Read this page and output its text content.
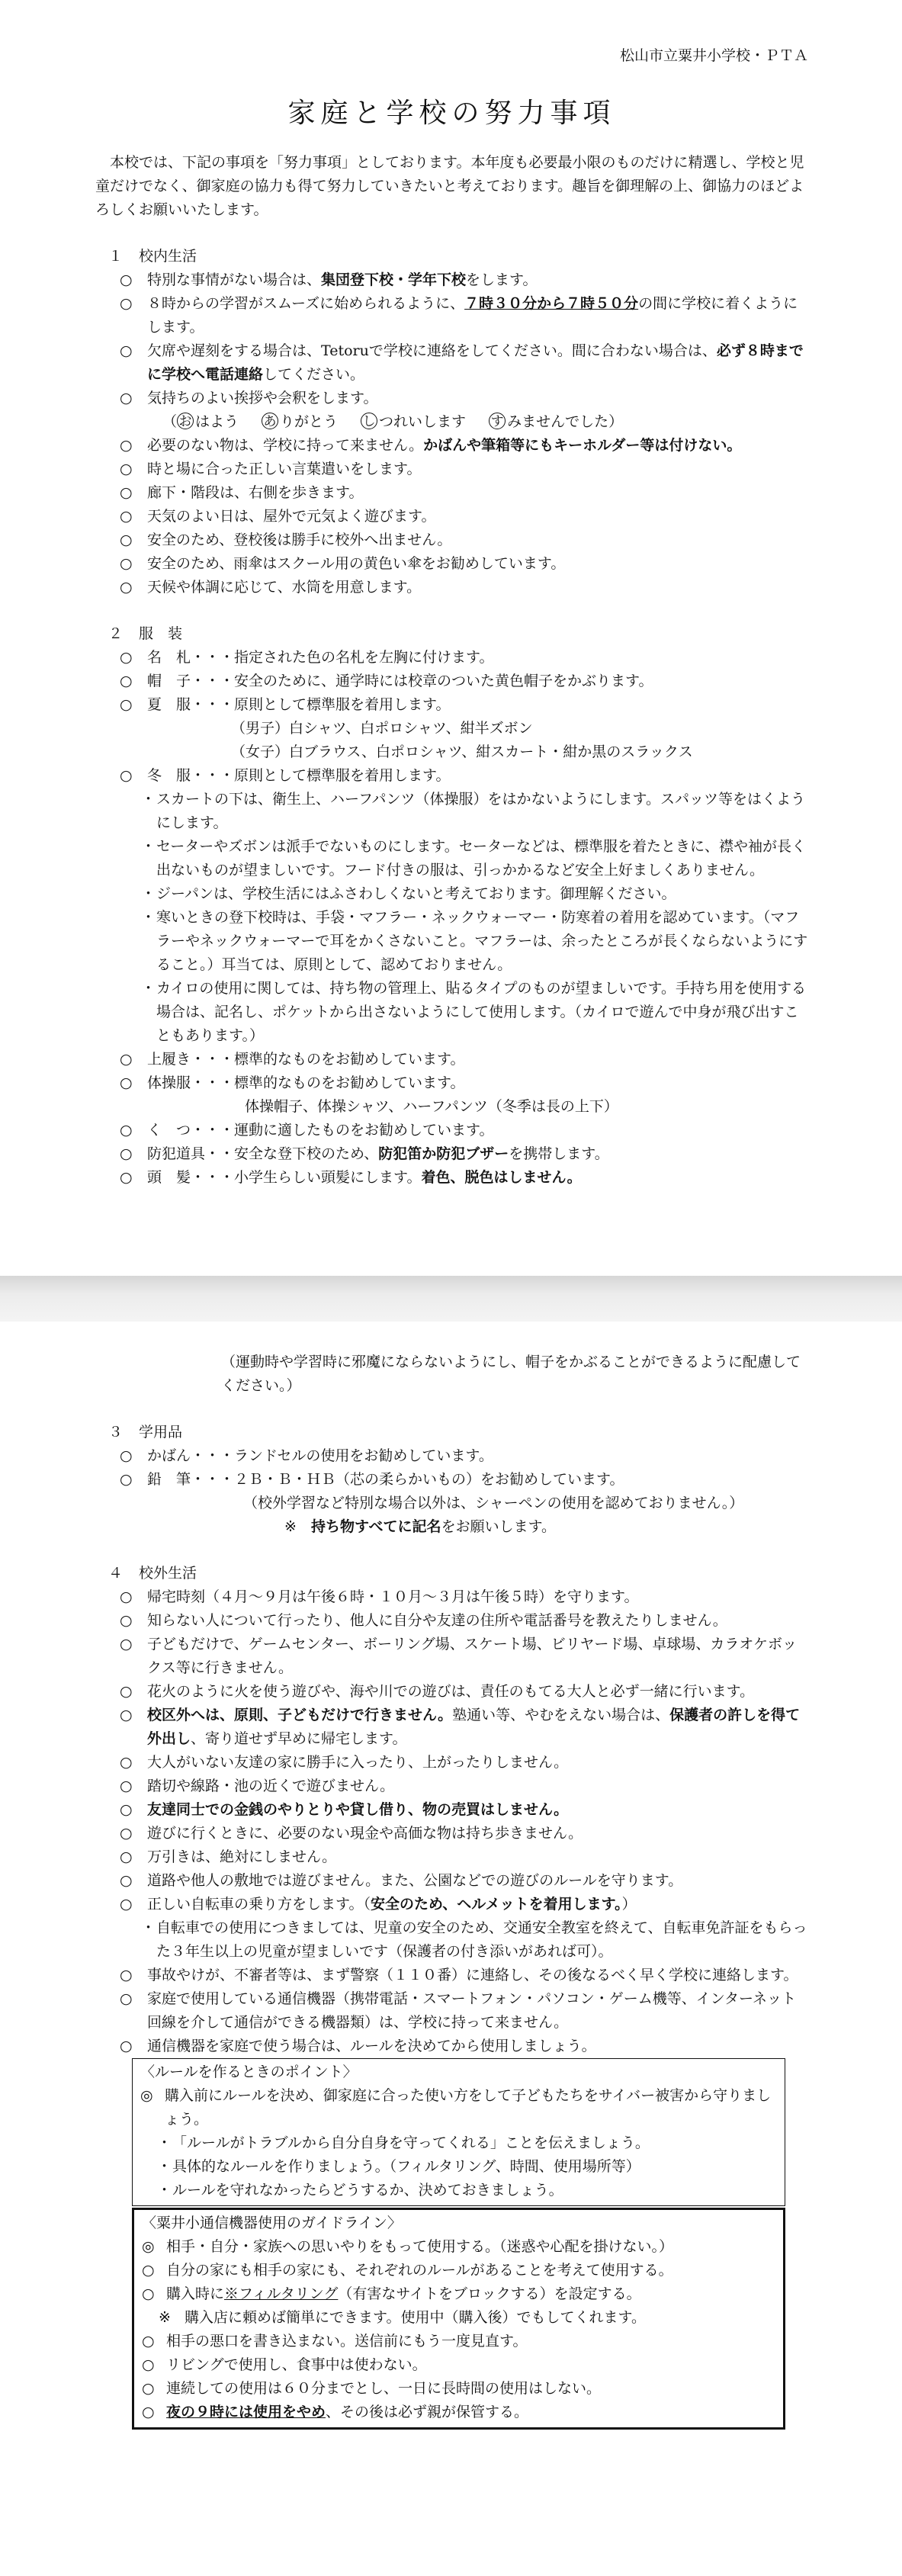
松山市立粟井小学校・ＰＴＡ
家庭と学校の努力事項
本校では、下記の事項を「努力事項」としております。本年度も必要最小限のものだけに精選し、学校と児童だけでなく、御家庭の協力も得て努力していきたいと考えております。趣旨を御理解の上、御協力のほどよろしくお願いいたします。
１ 校内生活
○ 特別な事情がない場合は、集団登下校・学年下校をします。
○ ８時からの学習がスムーズに始められるように、７時３０分から７時５０分の間に学校に着くようにします。
○ 欠席や遅刻をする場合は、Tetoruで学校に連絡をしてください。間に合わない場合は、必ず８時までに学校へ電話連絡してください。
○ 気持ちのよい挨拶や会釈をします。
（ お はよう あ りがとう し つれいします す みませんでした）
○ 必要のない物は、学校に持って来ません。かばんや筆箱等にもキーホルダー等は付けない。
○ 時と場に合った正しい言葉遣いをします。
○ 廊下・階段は、右側を歩きます。
○ 天気のよい日は、屋外で元気よく遊びます。
○ 安全のため、登校後は勝手に校外へ出ません。
○ 安全のため、雨傘はスクール用の黄色い傘をお勧めしています。
○ 天候や体調に応じて、水筒を用意します。
２ 服　装
○ 名　札・・・指定された色の名札を左胸に付けます。
○ 帽　子・・・安全のために、通学時には校章のついた黄色帽子をかぶります。
○ 夏　服・・・原則として標準服を着用します。
（男子）白シャツ、白ポロシャツ、紺半ズボン
（女子）白ブラウス、白ポロシャツ、紺スカート・紺か黒のスラックス
○ 冬　服・・・原則として標準服を着用します。
・ スカートの下は、衛生上、ハーフパンツ（体操服）をはかないようにします。スパッツ等をはくようにします。
・ セーターやズボンは派手でないものにします。セーターなどは、標準服を着たときに、襟や袖が長く出ないものが望ましいです。フード付きの服は、引っかかるなど安全上好ましくありません。
・ ジーパンは、学校生活にはふさわしくないと考えております。御理解ください。
・ 寒いときの登下校時は、手袋・マフラー・ネックウォーマー・防寒着の着用を認めています。（マフラーやネックウォーマーで耳をかくさないこと。マフラーは、余ったところが長くならないようにすること。）耳当ては、原則として、認めておりません。
・ カイロの使用に関しては、持ち物の管理上、貼るタイプのものが望ましいです。手持ち用を使用する場合は、記名し、ポケットから出さないようにして使用します。（カイロで遊んで中身が飛び出すこともあります。）
○ 上履き・・・標準的なものをお勧めしています。
○ 体操服・・・標準的なものをお勧めしています。
体操帽子、体操シャツ、ハーフパンツ（冬季は長の上下）
○ く　つ・・・運動に適したものをお勧めしています。
○ 防犯道具・・安全な登下校のため、防犯笛か防犯ブザーを携帯します。
○ 頭　髪・・・小学生らしい頭髪にします。着色、脱色はしません。
（運動時や学習時に邪魔にならないようにし、帽子をかぶることができるように配慮してください。）
３ 学用品
○ かばん・・・ランドセルの使用をお勧めしています。
○ 鉛　筆・・・２Ｂ・Ｂ・ＨＢ（芯の柔らかいもの）をお勧めしています。
（校外学習など特別な場合以外は、シャーペンの使用を認めておりません。）
※　 持ち物すべてに記名をお願いします。
４ 校外生活
○ 帰宅時刻（４月～９月は午後６時・１０月～３月は午後５時）を守ります。
○ 知らない人について行ったり、他人に自分や友達の住所や電話番号を教えたりしません。
○ 子どもだけで、ゲームセンター、ボーリング場、スケート場、ビリヤード場、卓球場、カラオケボックス等に行きません。
○ 花火のように火を使う遊びや、海や川での遊びは、責任のもてる大人と必ず一緒に行います。
○ 校区外へは、原則、子どもだけで行きません。塾通い等、やむをえない場合は、保護者の許しを得て外出し、寄り道せず早めに帰宅します。
○ 大人がいない友達の家に勝手に入ったり、上がったりしません。
○ 踏切や線路・池の近くで遊びません。
○ 友達同士での金銭のやりとりや貸し借り、物の売買はしません。
○ 遊びに行くときに、必要のない現金や高価な物は持ち歩きません。
○ 万引きは、絶対にしません。
○ 道路や他人の敷地では遊びません。また、公園などでの遊びのルールを守ります。
○ 正しい自転車の乗り方をします。（安全のため、ヘルメットを着用します。）
・ 自転車での使用につきましては、児童の安全のため、交通安全教室を終えて、自転車免許証をもらった３年生以上の児童が望ましいです（保護者の付き添いがあれば可）。
○ 事故やけが、不審者等は、まず警察（１１０番）に連絡し、その後なるべく早く学校に連絡します。
○ 家庭で使用している通信機器（携帯電話・スマートフォン・パソコン・ゲーム機等、インターネット回線を介して通信ができる機器類）は、学校に持って来ません。
○ 通信機器を家庭で使う場合は、ルールを決めてから使用しましょう。
〈ルールを作るときのポイント〉
◎ 購入前にルールを決め、御家庭に合った使い方をして子どもたちをサイバー被害から守りましょう。
・ 「ルールがトラブルから自分自身を守ってくれる」ことを伝えましょう。
・ 具体的なルールを作りましょう。（フィルタリング、時間、使用場所等）
・ ルールを守れなかったらどうするか、決めておきましょう。
〈粟井小通信機器使用のガイドライン〉
◎ 相手・自分・家族への思いやりをもって使用する。（迷惑や心配を掛けない。）
○ 自分の家にも相手の家にも、それぞれのルールがあることを考えて使用する。
○ 購入時に※フィルタリング（有害なサイトをブロックする）を設定する。
※ 購入店に頼めば簡単にできます。使用中（購入後）でもしてくれます。
○ 相手の悪口を書き込まない。送信前にもう一度見直す。
○ リビングで使用し、食事中は使わない。
○ 連続しての使用は６０分までとし、一日に長時間の使用はしない。
○ 夜の９時には使用をやめ、その後は必ず親が保管する。
